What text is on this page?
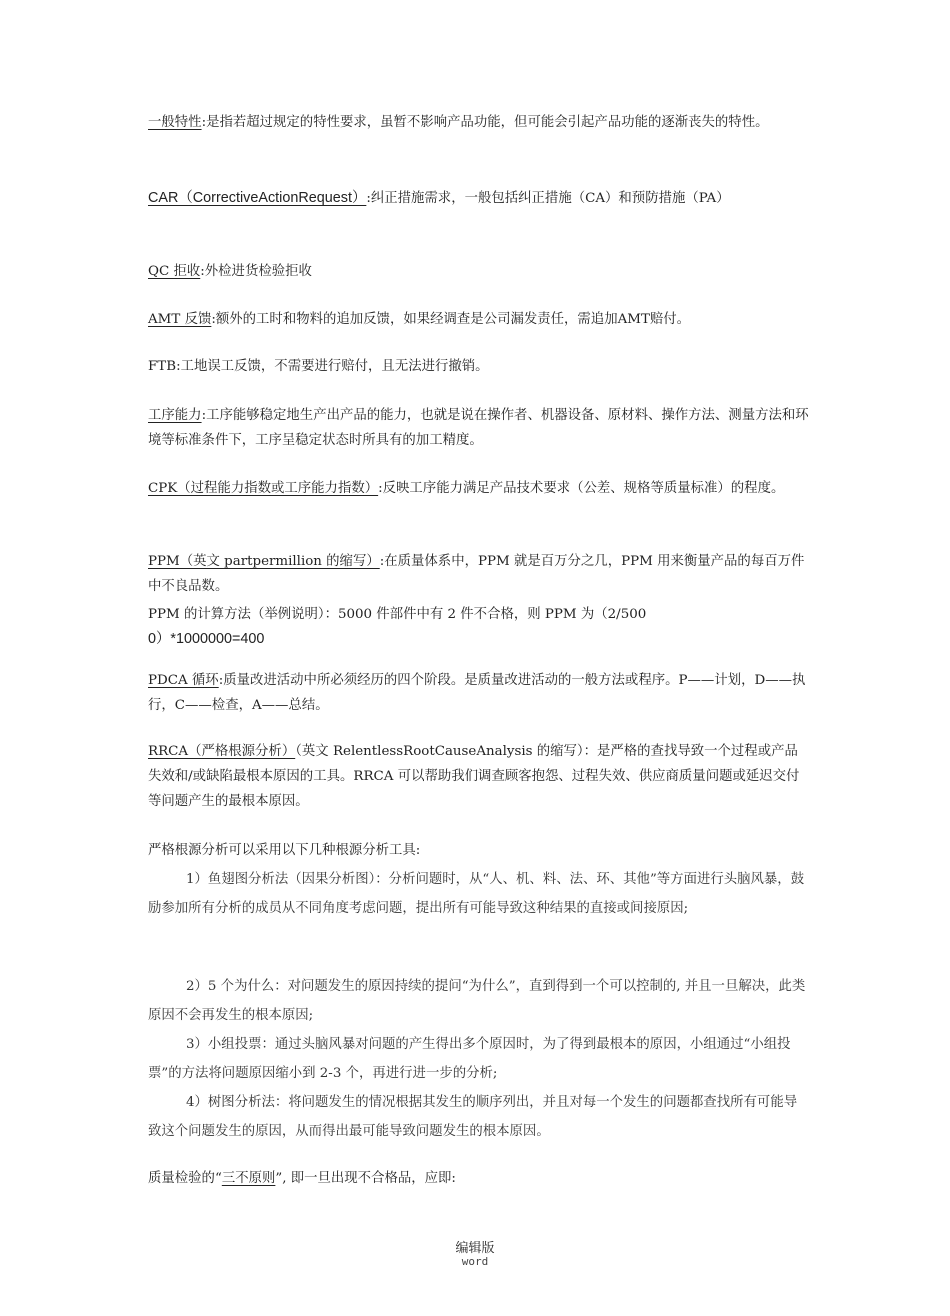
一般特性:是指若超过规定的特性要求，虽暂不影响产品功能，但可能会引起产品功能的逐渐丧失的特性。

CAR（CorrectiveActionRequest）:纠正措施需求，一般包括纠正措施（CA）和预防措施（PA）

QC 拒收:外检进货检验拒收

AMT 反馈:额外的工时和物料的追加反馈，如果经调查是公司漏发责任，需追加AMT赔付。

FTB:工地误工反馈，不需要进行赔付，且无法进行撤销。

工序能力:工序能够稳定地生产出产品的能力，也就是说在操作者、机器设备、原材料、操作方法、测量方法和环境等标准条件下，工序呈稳定状态时所具有的加工精度。

CPK（过程能力指数或工序能力指数）:反映工序能力满足产品技术要求（公差、规格等质量标准）的程度。

PPM（英文 partpermillion 的缩写）:在质量体系中，PPM 就是百万分之几，PPM 用来衡量产品的每百万件中不良品数。

PPM 的计算方法（举例说明）：5000 件部件中有 2 件不合格，则 PPM 为（2/500
0）*1000000=400

PDCA 循环:质量改进活动中所必须经历的四个阶段。是质量改进活动的一般方法或程序。P——计划，D——执行，C——检查，A——总结。

RRCA（严格根源分析）（英文 RelentlessRootCauseAnalysis 的缩写）：是严格的查找导致一个过程或产品失效和/或缺陷最根本原因的工具。RRCA 可以帮助我们调查顾客抱怨、过程失效、供应商质量问题或延迟交付等问题产生的最根本原因。

严格根源分析可以采用以下几种根源分析工具:

1）鱼翅图分析法（因果分析图）：分析问题时，从“人、机、料、法、环、其他”等方面进行头脑风暴，鼓励参加所有分析的成员从不同角度考虑问题，提出所有可能导致这种结果的直接或间接原因;

2）5 个为什么：对问题发生的原因持续的提问“为什么”，直到得到一个可以控制的, 并且一旦解决，此类原因不会再发生的根本原因;

3）小组投票：通过头脑风暴对问题的产生得出多个原因时，为了得到最根本的原因，小组通过“小组投票”的方法将问题原因缩小到 2-3 个，再进行进一步的分析;

4）树图分析法：将问题发生的情况根据其发生的顺序列出，并且对每一个发生的问题都查找所有可能导致这个问题发生的原因，从而得出最可能导致问题发生的根本原因。

质量检验的“三不原则”, 即一旦出现不合格品，应即:

编辑版
word
